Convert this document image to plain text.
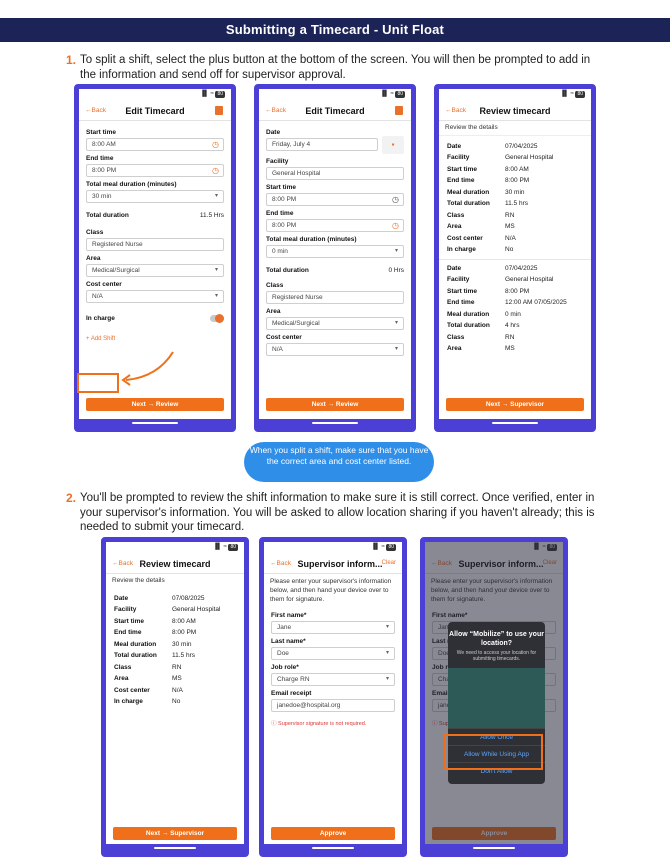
Submitting a Timecard - Unit Float
1. To split a shift, select the plus button at the bottom of the screen. You will then be prompted to add in the information and send off for supervisor approval.
▐▌ ≈ 80
←Back	Edit Timecard
Start time
8:00 AM	◷
End time
8:00 PM	◷
Total meal duration (minutes)
30 min	▾
Total duration	11.5 Hrs
Class
Registered Nurse
Area
Medical/Surgical	▾
Cost center
N/A	▾
In charge
+ Add Shift
Next → Review
▐▌ ≈ 80
←Back	Edit Timecard
Date
Friday, July 4	▪
Facility
General Hospital
Start time
8:00 PM	◷
End time
8:00 PM	◷
Total meal duration (minutes)
0 min	▾
Total duration	0 Hrs
Class
Registered Nurse
Area
Medical/Surgical	▾
Cost center
N/A	▾
Next → Review
▐▌ ≈ 80
←Back	Review timecard
Review the details
Date	07/04/2025
Facility	General Hospital
Start time	8:00 AM
End time	8:00 PM
Meal duration	30 min
Total duration	11.5 hrs
Class	RN
Area	MS
Cost center	N/A
In charge	No
Date	07/04/2025
Facility	General Hospital
Start time	8:00 PM
End time	12:00 AM 07/05/2025
Meal duration	0 min
Total duration	4 hrs
Class	RN
Area	MS
Next → Supervisor
When you split a shift, make sure that you have the correct area and cost center listed.
2. You'll be prompted to review the shift information to make sure it is still correct. Once verified, enter in your supervisor's information. You will be asked to allow location sharing if you haven't already; this is needed to submit your timecard.
▐▌ ≈ 80
←Back Review timecard
Review the details
Date	07/08/2025
Facility	General Hospital
Start time	8:00 AM
End time	8:00 PM
Meal duration	30 min
Total duration	11.5 hrs
Class	RN
Area	MS
Cost center	N/A
In charge	No
Next → Supervisor
▐▌ ≈ 80
←Back Supervisor inform... Clear
Please enter your supervisor's information below, and then hand your device over to them for signature.
First name*
Jane	▾
Last name*
Doe	▾
Job role*
Charge RN	▾
Email receipt
janedoe@hospital.org
ⓘ Supervisor signature is not required.
Approve
Allow “Mobilize” to use your location?
We need to access your location for submitting timecards.
Allow Once
Allow While Using App
Don't Allow
